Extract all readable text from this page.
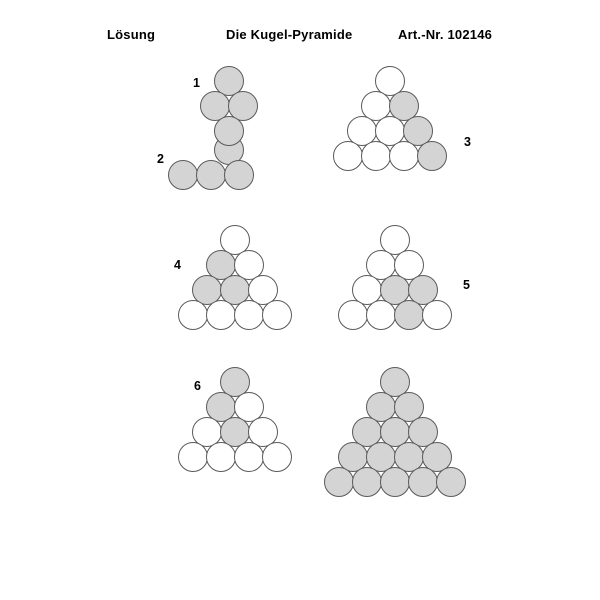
Lösung	Die Kugel-Pyramide	Art.-Nr. 102146
1
2
3
4
5
6
